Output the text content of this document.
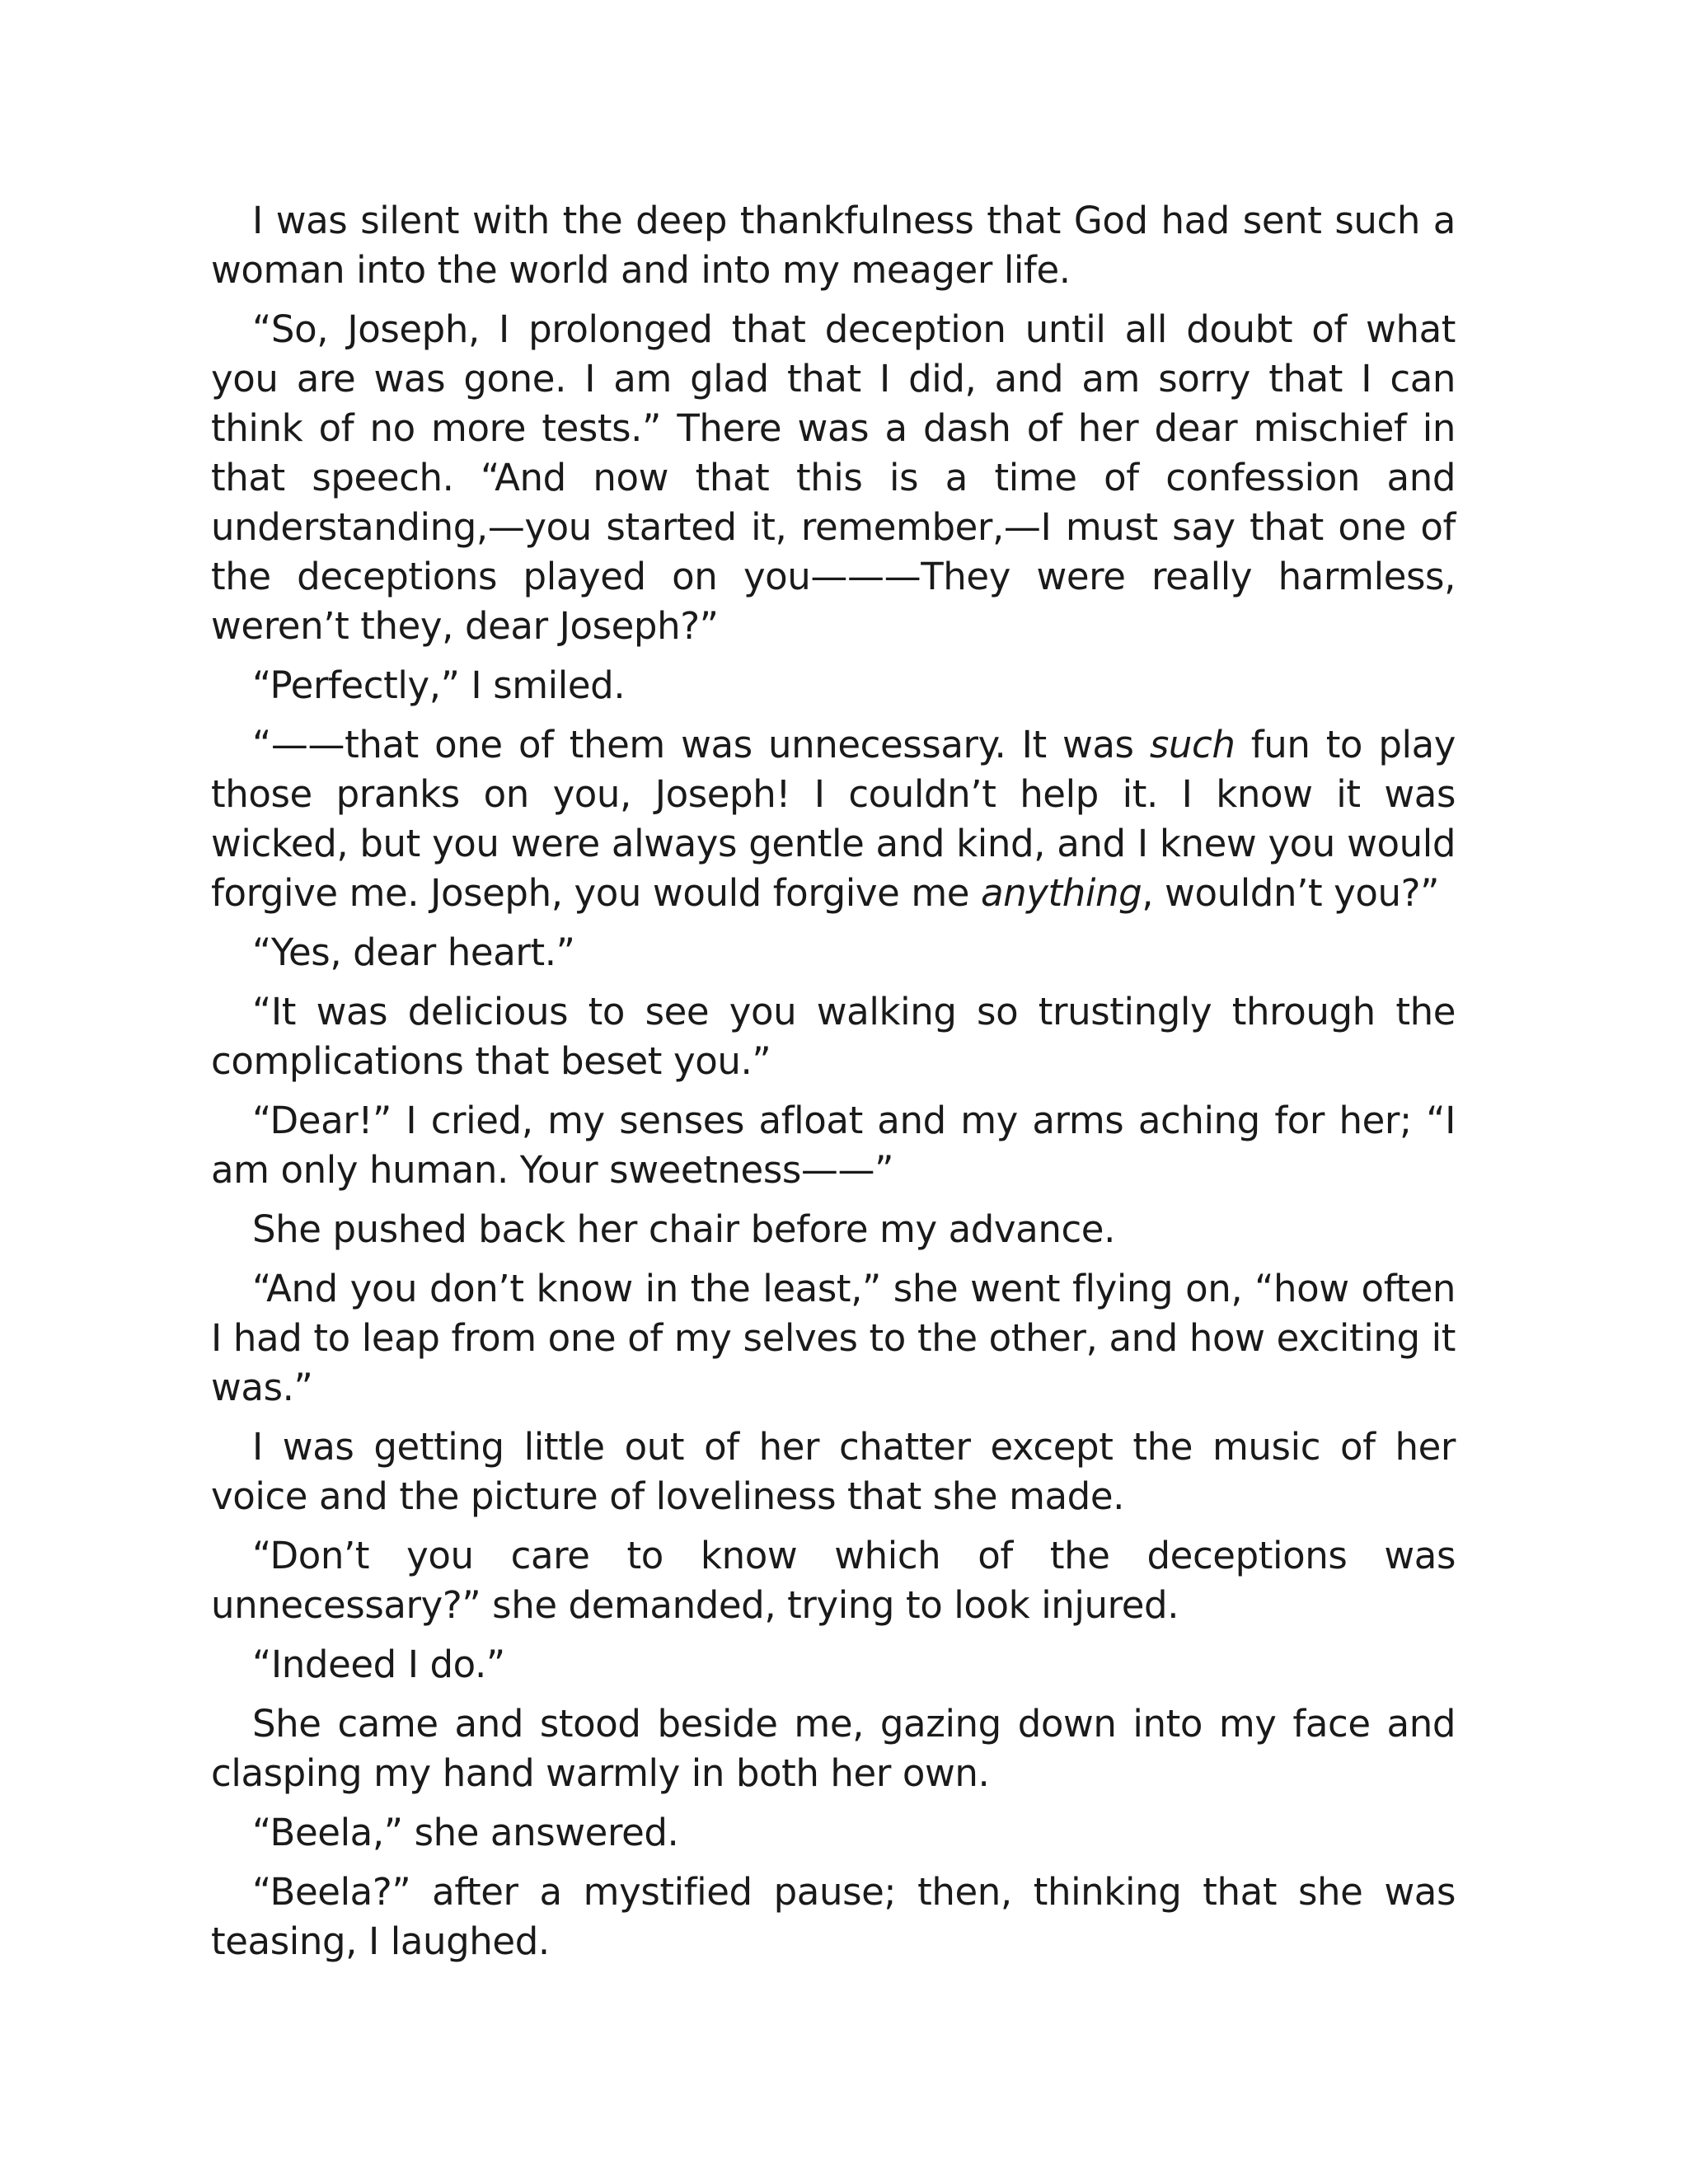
I was silent with the deep thankfulness that God had sent such a woman into the world and into my meager life.

“So, Joseph, I prolonged that deception until all doubt of what you are was gone. I am glad that I did, and am sorry that I can think of no more tests.” There was a dash of her dear mischief in that speech. “And now that this is a time of confession and understanding,—you started it, remember,—I must say that one of the deceptions played on you———They were really harmless, weren’t they, dear Joseph?”

“Perfectly,” I smiled.

“——that one of them was unnecessary. It was such fun to play those pranks on you, Joseph! I couldn’t help it. I know it was wicked, but you were always gentle and kind, and I knew you would forgive me. Joseph, you would forgive me anything, wouldn’t you?”

“Yes, dear heart.”

“It was delicious to see you walking so trustingly through the complications that beset you.”

“Dear!” I cried, my senses afloat and my arms aching for her; “I am only human. Your sweetness——”

She pushed back her chair before my advance.

“And you don’t know in the least,” she went flying on, “how often I had to leap from one of my selves to the other, and how exciting it was.”

I was getting little out of her chatter except the music of her voice and the picture of loveliness that she made.

“Don’t you care to know which of the deceptions was unnecessary?” she demanded, trying to look injured.

“Indeed I do.”

She came and stood beside me, gazing down into my face and clasping my hand warmly in both her own.

“Beela,” she answered.

“Beela?” after a mystified pause; then, thinking that she was teasing, I laughed.
